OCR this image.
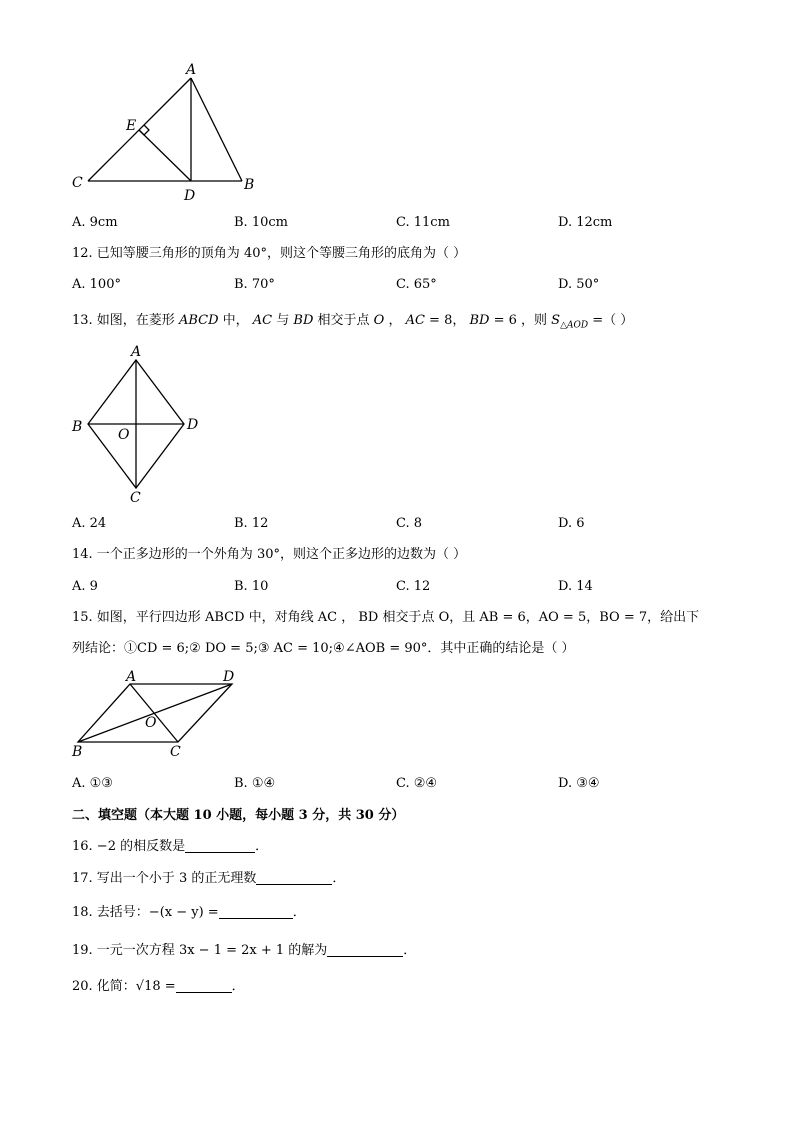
A
E
C
D
B
A. 9cm	B. 10cm	C. 11cm	D. 12cm
12. 已知等腰三角形的顶角为 40°，则这个等腰三角形的底角为（ ）
A. 100°	B. 70°	C. 65°	D. 50°
13. 如图，在菱形 ABCD 中， AC 与 BD 相交于点 O ， AC = 8， BD = 6 ，则 $S_{\triangle AOD}$ =（ ）
A
B	O
D
C
A. 24	B. 12	C. 8	D. 6
14. 一个正多边形的一个外角为 30°，则这个正多边形的边数为（ ）
A. 9	B. 10	C. 12	D. 14
15. 如图，平行四边形 ABCD 中，对角线 AC ， BD 相交于点 O，且 AB = 6，AO = 5，BO = 7，给出下
列结论：①CD = 6;② DO = 5;③ AC = 10;④∠AOB = 90°．其中正确的结论是（ ）
A	D
O
B	C
A. ①③	B. ①④	C. ②④	D. ③④
二、填空题（本大题 10 小题，每小题 3 分，共 30 分）
16. −2 的相反数是	．
17. 写出一个小于 3 的正无理数	．
18. 去括号：−(x − y) =	．
19. 一元一次方程 3x − 1 = 2x + 1 的解为	．
20. 化简：√18 =	．
